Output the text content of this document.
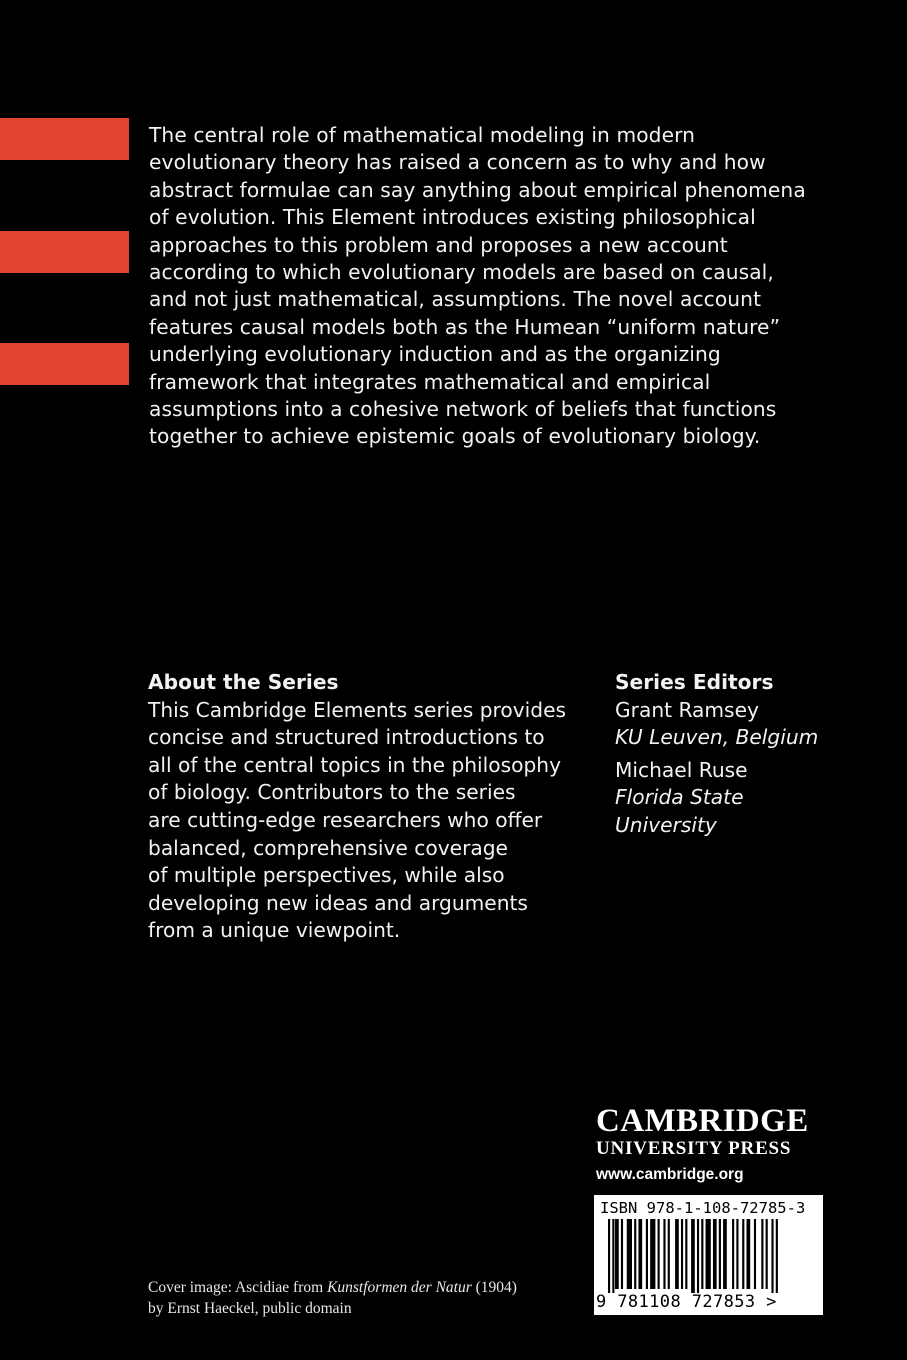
The central role of mathematical modeling in modern
evolutionary theory has raised a concern as to why and how
abstract formulae can say anything about empirical phenomena
of evolution. This Element introduces existing philosophical
approaches to this problem and proposes a new account
according to which evolutionary models are based on causal,
and not just mathematical, assumptions. The novel account
features causal models both as the Humean “uniform nature”
underlying evolutionary induction and as the organizing
framework that integrates mathematical and empirical
assumptions into a cohesive network of beliefs that functions
together to achieve epistemic goals of evolutionary biology.
About the Series

This Cambridge Elements series provides
concise and structured introductions to
all of the central topics in the philosophy
of biology. Contributors to the series
are cutting-edge researchers who offer
balanced, comprehensive coverage
of multiple perspectives, while also
developing new ideas and arguments
from a unique viewpoint.

Series Editors
Grant Ramsey
KU Leuven, Belgium
Michael Ruse
Florida State University
CAMBRIDGE
UNIVERSITY PRESS
www.cambridge.org
ISBN 978-1-108-72785-3
9 781108 727853 >
Cover image: Ascidiae from Kunstformen der Natur (1904)
by Ernst Haeckel, public domain
